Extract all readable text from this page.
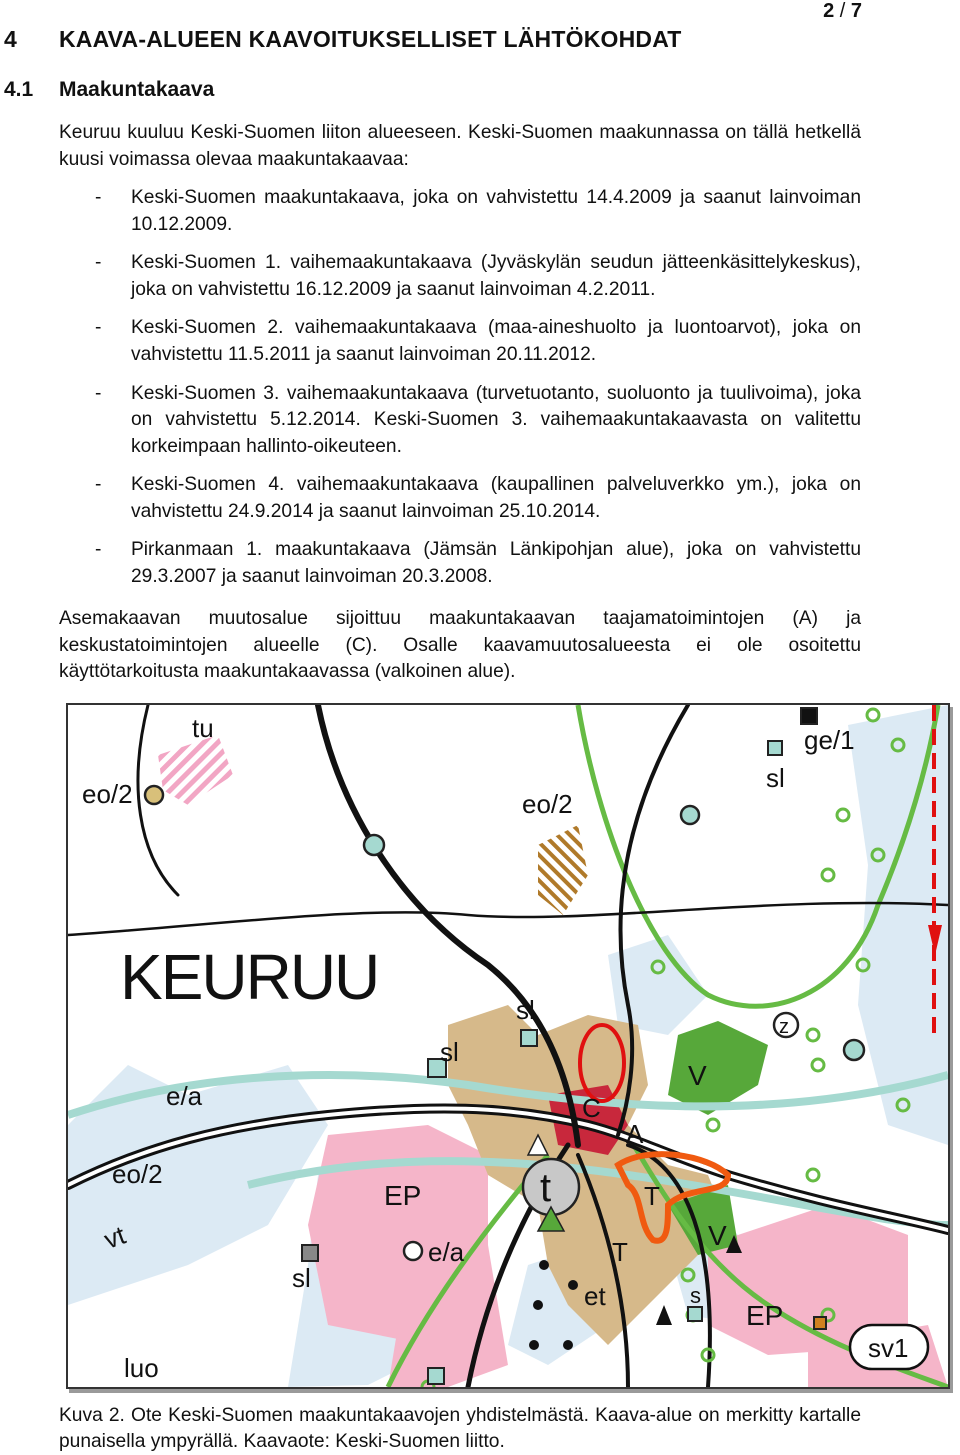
2 / 7
4 KAAVA-ALUEEN KAAVOITUKSELLISET LÄHTÖKOHDAT
4.1 Maakuntakaava
Keuruu kuuluu Keski-Suomen liiton alueeseen. Keski-Suomen maakunnassa on tällä hetkellä kuusi voimassa olevaa maakuntakaavaa:
- Keski-Suomen maakuntakaava, joka on vahvistettu 14.4.2009 ja saanut lainvoiman 10.12.2009.
- Keski-Suomen 1. vaihemaakuntakaava (Jyväskylän seudun jätteenkäsittelykeskus), joka on vahvistettu 16.12.2009 ja saanut lainvoiman 4.2.2011.
- Keski-Suomen 2. vaihemaakuntakaava (maa-aineshuolto ja luontoarvot), joka on vahvistettu 11.5.2011 ja saanut lainvoiman 20.11.2012.
- Keski-Suomen 3. vaihemaakuntakaava (turvetuotanto, suoluonto ja tuulivoima), joka on vahvistettu 5.12.2014. Keski-Suomen 3. vaihemaakuntakaavasta on valitettu korkeimpaan hallinto-oikeuteen.
- Keski-Suomen 4. vaihemaakuntakaava (kaupallinen palveluverkko ym.), joka on vahvistettu 24.9.2014 ja saanut lainvoiman 25.10.2014.
- Pirkanmaan 1. maakuntakaava (Jämsän Länkipohjan alue), joka on vahvistettu 29.3.2007 ja saanut lainvoiman 20.3.2008.
Asemakaavan muutosalue sijoittuu maakuntakaavan taajamatoimintojen (A) ja keskustatoimintojen alueelle (C). Osalle kaavamuutosalueesta ei ole osoitettu käyttötarkoitusta maakuntakaavassa (valkoinen alue).
KEURUU
tu
eo/2	eo/2
ge/1
sl
sl
sl
sl
e/a
e/a
eo/2
vt
EP
EP
A
C
t
T
T
V
V
z
et	s
luo
sv1
Kuva 2. Ote Keski-Suomen maakuntakaavojen yhdistelmästä. Kaava-alue on merkitty kartalle punaisella ympyrällä. Kaavaote: Keski-Suomen liitto.
